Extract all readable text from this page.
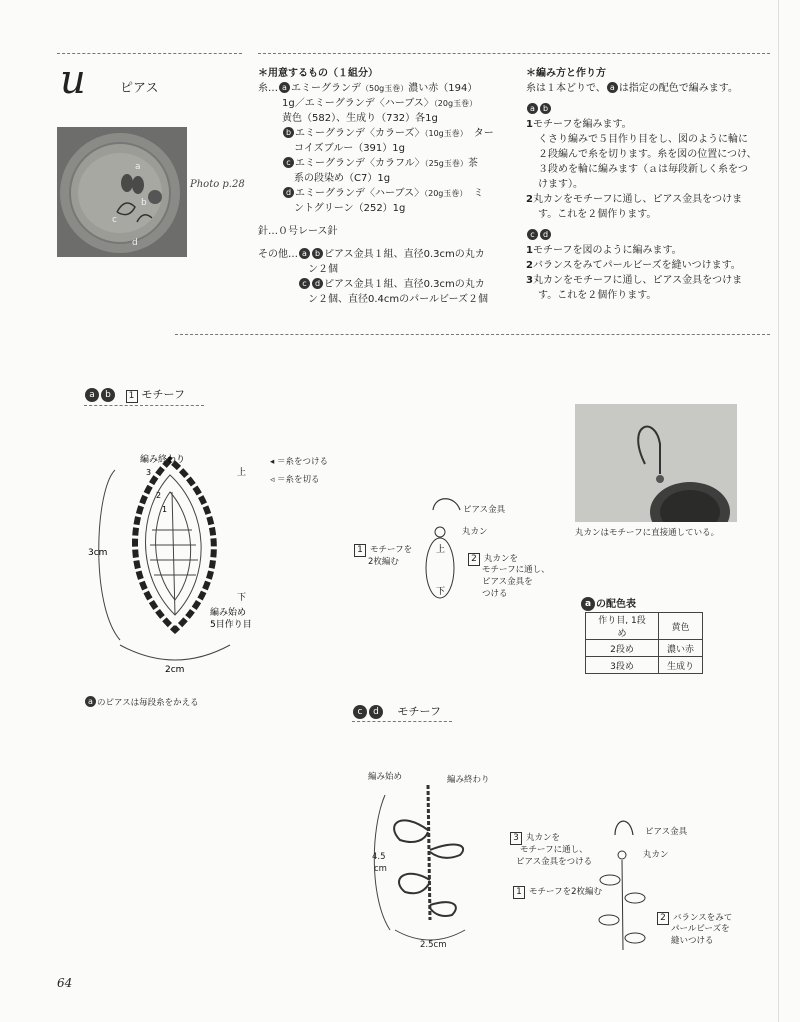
u	ピアス
a
b
c
d
Photo p.28

＊用意するもの（１組分）

糸… a エミーグランデ（50g玉巻）濃い赤（194）

1g／エミーグランデ〈ハーブス〉（20g玉巻）

黄色（582）、生成り（732）各1g

b エミーグランデ〈カラーズ〉（10g玉巻）　 ター

コイズブルー（391）1g

c エミーグランデ〈カラフル〉（25g玉巻）茶

系の段染め（C7）1g

d エミーグランデ〈ハーブス〉（20g玉巻）　 ミ

ントグリーン（252）1g

針…０号レース針

その他… a b ピアス金具１組、直径0.3cmの丸カ

ン２個

c d ピアス金具１組、直径0.3cmの丸カ

ン２個、直径0.4cmのパールビーズ２個

＊編み方と作り方

糸は１本どりで、 a は指定の配色で編みます。

a b

1モチーフを編みます。

くさり編みで５目作り目をし、図のように輪に

２段編んで糸を切ります。糸を図の位置につけ、

３段めを輪に編みます（ａは毎段新しく糸をつ

けます）。

2丸カンをモチーフに通し、ピアス金具をつけま

す。これを２個作ります。

c d

1モチーフを図のように編みます。

2バランスをみてパールビーズを縫いつけます。

3丸カンをモチーフに通し、ピアス金具をつけま

す。これを２個作ります。

a b 1 モチーフ
編み終わり
上
下
編み始め
5目作り目
3
2
1
3cm
2cm
◂ ＝糸をつける
◃ ＝糸を切る
上
下
ピアス金具
丸カン
1 モチーフを
2枚編む	2 丸カンを
モチーフに通し、
ピアス金具を
つける
a のピアスは毎段糸をかえる
丸カンはモチーフに直接通している。
a の配色表
作り目, 1段め	黄色
2段め	濃い赤
3段め	生成り
c d モチーフ
編み始め	編み終わり
4.5
cm
2.5cm
3 丸カンを
モチーフに通し、
ピアス金具をつける
1 モチーフを2枚編む
ピアス金具
丸カン
2 バランスをみて
パールビーズを
縫いつける
64
